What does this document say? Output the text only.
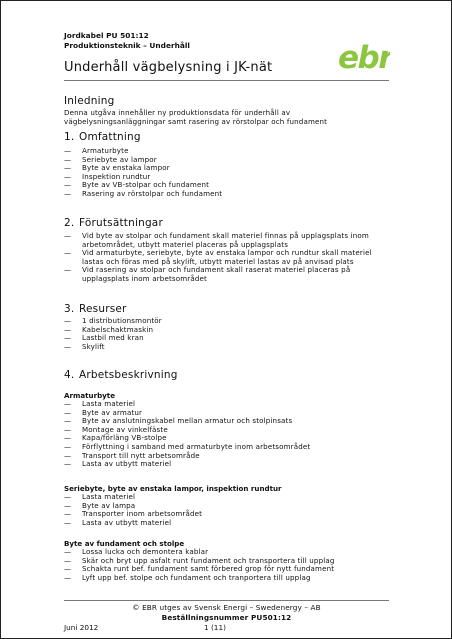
Jordkabel PU 501:12
Produktionsteknik – Underhåll	ebr
Underhåll vägbelysning i JK-nät
Inledning
Denna utgåva innehåller ny produktionsdata för underhåll av vägbelysningsanläggningar samt rasering av rörstolpar och fundament
1. Omfattning
— Armaturbyte
— Seriebyte av lampor
— Byte av enstaka lampor
— Inspektion rundtur
— Byte av VB-stolpar och fundament
— Rasering av rörstolpar och fundament
2. Förutsättningar
— Vid byte av stolpar och fundament skall materiel finnas på upplagsplats inom arbetområdet, utbytt materiel placeras på upplagsplats
— Vid armaturbyte, seriebyte, byte av enstaka lampor och rundtur skall materiel lastas och föras med på skylift, utbytt materiel lastas av på anvisad plats
— Vid rasering av stolpar och fundament skall raserat materiel placeras på upplagsplats inom arbetsområdet
3. Resurser
— 1 distributionsmontör
— Kabelschaktmaskin
— Lastbil med kran
— Skylift
4. Arbetsbeskrivning
Armaturbyte
— Lasta materiel
— Byte av armatur
— Byte av anslutningskabel mellan armatur och stolpinsats
— Montage av vinkelfäste
— Kapa/förläng VB-stolpe
— Förflyttning i samband med armaturbyte inom arbetsområdet
— Transport till nytt arbetsområde
— Lasta av utbytt materiel
Seriebyte, byte av enstaka lampor, inspektion rundtur
— Lasta materiel
— Byte av lampa
— Transporter inom arbetsområdet
— Lasta av utbytt materiel
Byte av fundament och stolpe
— Lossa lucka och demontera kablar
— Skär och bryt upp asfalt runt fundament och transportera till upplag
— Schakta runt bef. fundament samt förbered grop för nytt fundament
— Lyft upp bef. stolpe och fundament och tranportera till upplag
© EBR utges av Svensk Energi – Swedenergy – AB
Beställningsnummer PU501:12
Juni 2012	1 (11)
